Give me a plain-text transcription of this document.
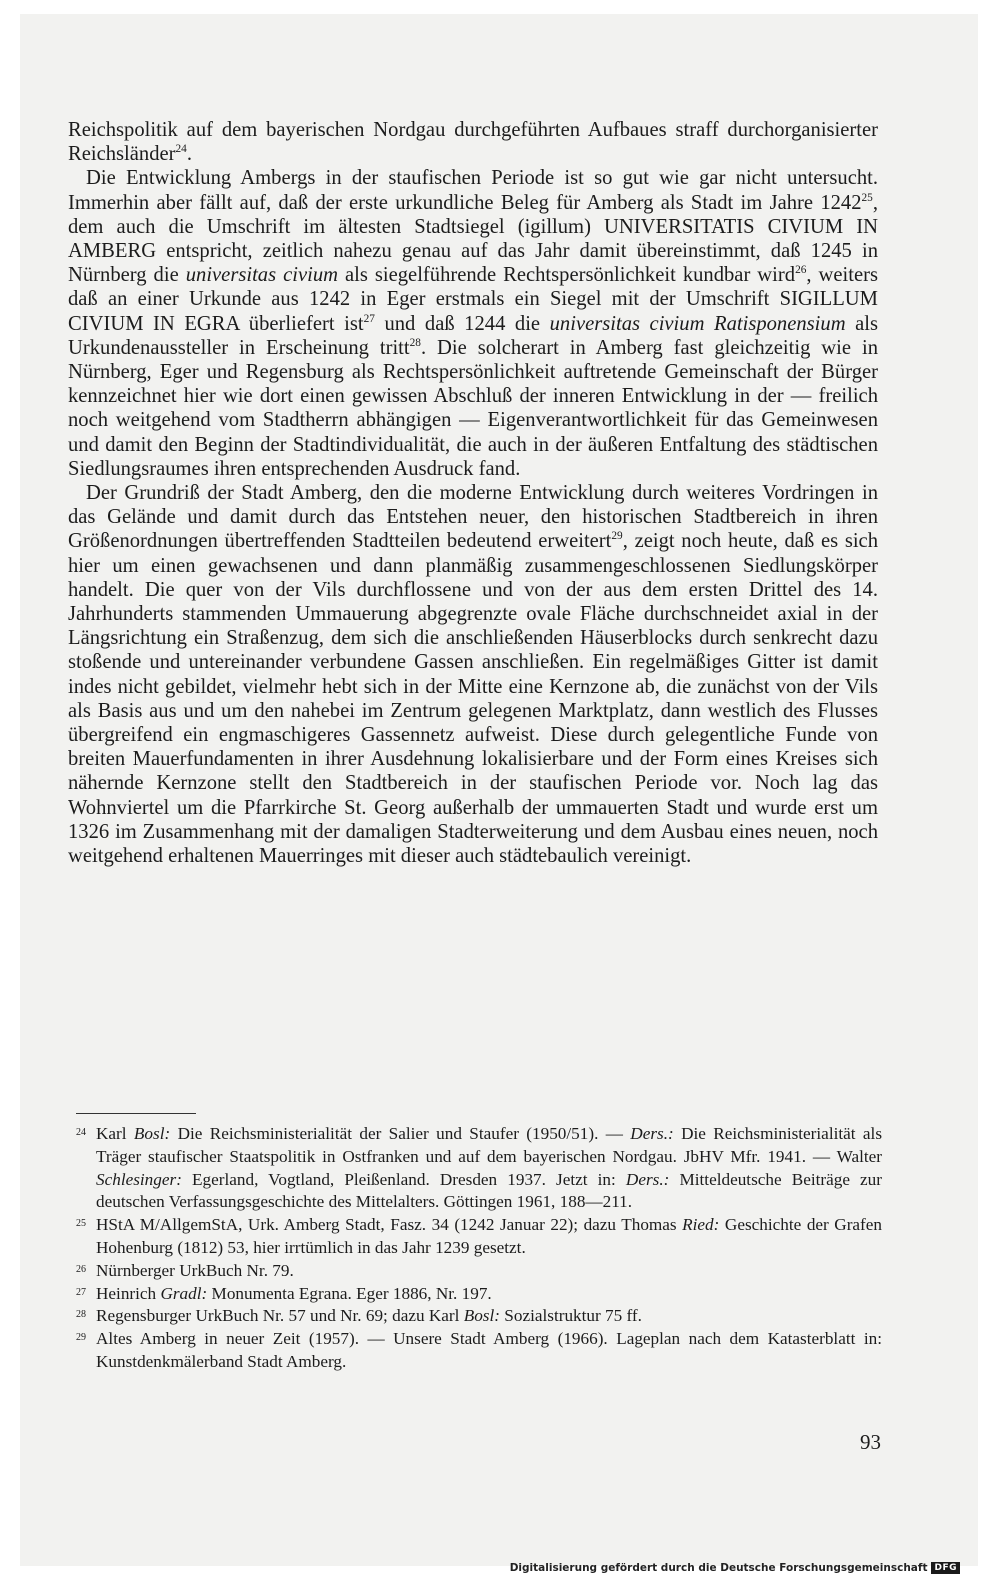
Reichspolitik auf dem bayerischen Nordgau durchgeführten Aufbaues straff durchorganisierter Reichsländer$^{24}$.

Die Entwicklung Ambergs in der staufischen Periode ist so gut wie gar nicht untersucht. Immerhin aber fällt auf, daß der erste urkundliche Beleg für Amberg als Stadt im Jahre 1242$^{25}$, dem auch die Umschrift im ältesten Stadtsiegel (igillum) UNIVERSITATIS CIVIUM IN AMBERG entspricht, zeitlich nahezu genau auf das Jahr damit übereinstimmt, daß 1245 in Nürnberg die universitas civium als siegelführende Rechtspersönlichkeit kundbar wird$^{26}$, weiters daß an einer Urkunde aus 1242 in Eger erstmals ein Siegel mit der Umschrift SIGILLUM CIVIUM IN EGRA überliefert ist$^{27}$ und daß 1244 die universitas civium Ratisponensium als Urkundenaussteller in Erscheinung tritt$^{28}$. Die solcherart in Amberg fast gleichzeitig wie in Nürnberg, Eger und Regensburg als Rechtspersönlichkeit auftretende Gemeinschaft der Bürger kennzeichnet hier wie dort einen gewissen Abschluß der inneren Entwicklung in der — freilich noch weitgehend vom Stadtherrn abhängigen — Eigenverantwortlichkeit für das Gemeinwesen und damit den Beginn der Stadtindividualität, die auch in der äußeren Entfaltung des städtischen Siedlungsraumes ihren entsprechenden Ausdruck fand.

Der Grundriß der Stadt Amberg, den die moderne Entwicklung durch weiteres Vordringen in das Gelände und damit durch das Entstehen neuer, den historischen Stadtbereich in ihren Größenordnungen übertreffenden Stadtteilen bedeutend erweitert$^{29}$, zeigt noch heute, daß es sich hier um einen gewachsenen und dann planmäßig zusammengeschlossenen Siedlungskörper handelt. Die quer von der Vils durchflossene und von der aus dem ersten Drittel des 14. Jahrhunderts stammenden Ummauerung abgegrenzte ovale Fläche durchschneidet axial in der Längsrichtung ein Straßenzug, dem sich die anschließenden Häuserblocks durch senkrecht dazu stoßende und untereinander verbundene Gassen anschließen. Ein regelmäßiges Gitter ist damit indes nicht gebildet, vielmehr hebt sich in der Mitte eine Kernzone ab, die zunächst von der Vils als Basis aus und um den nahebei im Zentrum gelegenen Marktplatz, dann westlich des Flusses übergreifend ein engmaschigeres Gassennetz aufweist. Diese durch gelegentliche Funde von breiten Mauerfundamenten in ihrer Ausdehnung lokalisierbare und der Form eines Kreises sich nähernde Kernzone stellt den Stadtbereich in der staufischen Periode vor. Noch lag das Wohnviertel um die Pfarrkirche St. Georg außerhalb der ummauerten Stadt und wurde erst um 1326 im Zusammenhang mit der damaligen Stadterweiterung und dem Ausbau eines neuen, noch weitgehend erhaltenen Mauerringes mit dieser auch städtebaulich vereinigt.

24 Karl Bosl: Die Reichsministerialität der Salier und Staufer (1950/51). — Ders.: Die Reichsministerialität als Träger staufischer Staatspolitik in Ostfranken und auf dem bayerischen Nordgau. JbHV Mfr. 1941. — Walter Schlesinger: Egerland, Vogtland, Pleißenland. Dresden 1937. Jetzt in: Ders.: Mitteldeutsche Beiträge zur deutschen Verfassungsgeschichte des Mittelalters. Göttingen 1961, 188—211.
25 HStA M/AllgemStA, Urk. Amberg Stadt, Fasz. 34 (1242 Januar 22); dazu Thomas Ried: Geschichte der Grafen Hohenburg (1812) 53, hier irrtümlich in das Jahr 1239 gesetzt.
26 Nürnberger UrkBuch Nr. 79.
27 Heinrich Gradl: Monumenta Egrana. Eger 1886, Nr. 197.
28 Regensburger UrkBuch Nr. 57 und Nr. 69; dazu Karl Bosl: Sozialstruktur 75 ff.
29 Altes Amberg in neuer Zeit (1957). — Unsere Stadt Amberg (1966). Lageplan nach dem Katasterblatt in: Kunstdenkmälerband Stadt Amberg.
93
Digitalisierung gefördert durch die Deutsche Forschungsgemeinschaft DFG
